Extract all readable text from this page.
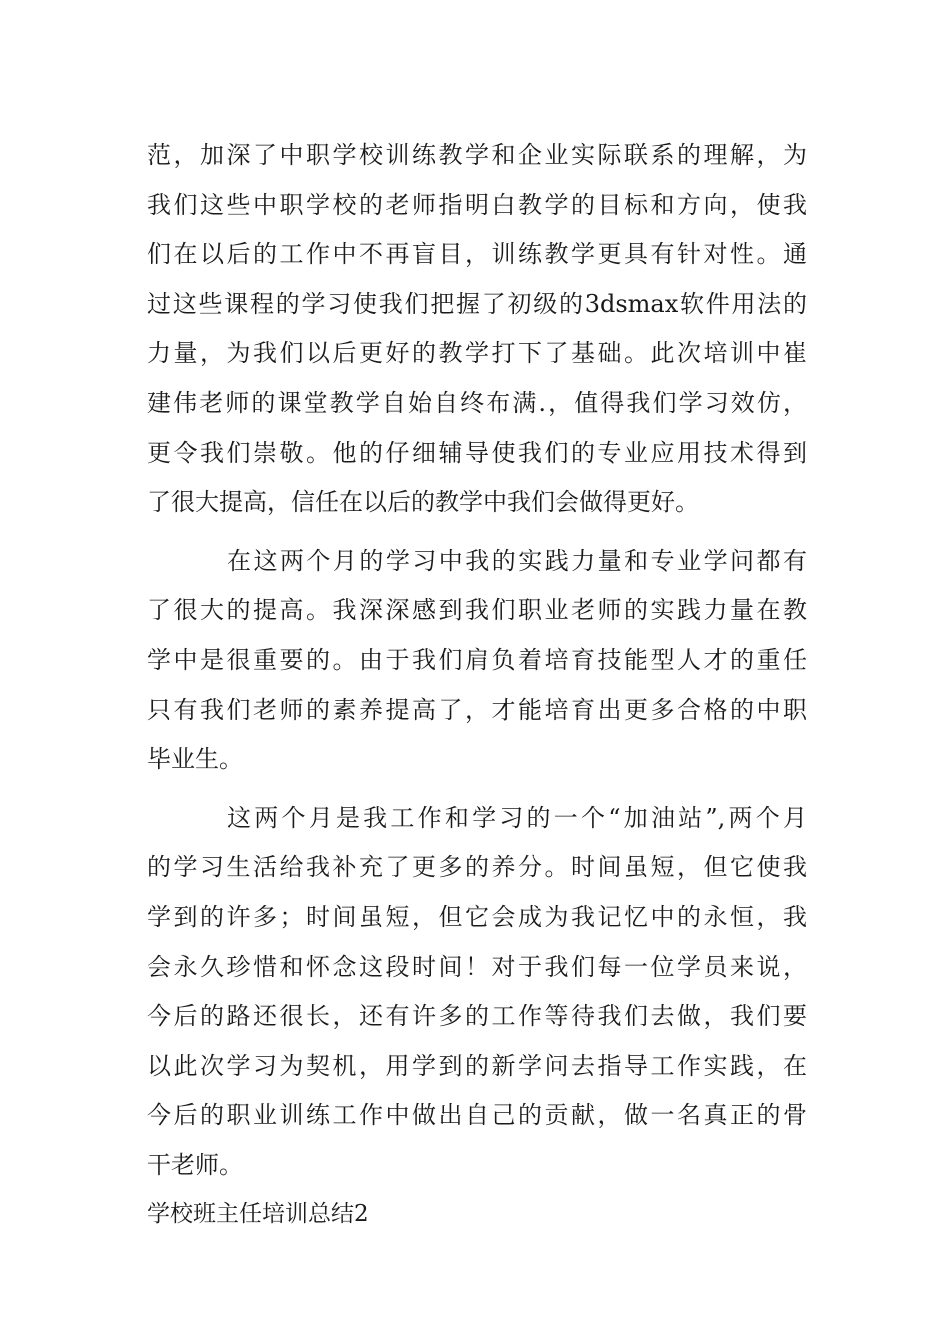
范，加深了中职学校训练教学和企业实际联系的理解，为
我们这些中职学校的老师指明白教学的目标和方向，使我
们在以后的工作中不再盲目，训练教学更具有针对性。通
过这些课程的学习使我们把握了初级的3dsmax软件用法的
力量，为我们以后更好的教学打下了基础。此次培训中崔
建伟老师的课堂教学自始自终布满.，值得我们学习效仿，
更令我们崇敬。他的仔细辅导使我们的专业应用技术得到
了很大提高，信任在以后的教学中我们会做得更好。
在这两个月的学习中我的实践力量和专业学问都有
了很大的提高。我深深感到我们职业老师的实践力量在教
学中是很重要的。由于我们肩负着培育技能型人才的重任
只有我们老师的素养提高了，才能培育出更多合格的中职
毕业生。
这两个月是我工作和学习的一个“加油站”,两个月
的学习生活给我补充了更多的养分。时间虽短，但它使我
学到的许多；时间虽短，但它会成为我记忆中的永恒，我
会永久珍惜和怀念这段时间！对于我们每一位学员来说，
今后的路还很长，还有许多的工作等待我们去做，我们要
以此次学习为契机，用学到的新学问去指导工作实践，在
今后的职业训练工作中做出自己的贡献，做一名真正的骨
干老师。
学校班主任培训总结2
